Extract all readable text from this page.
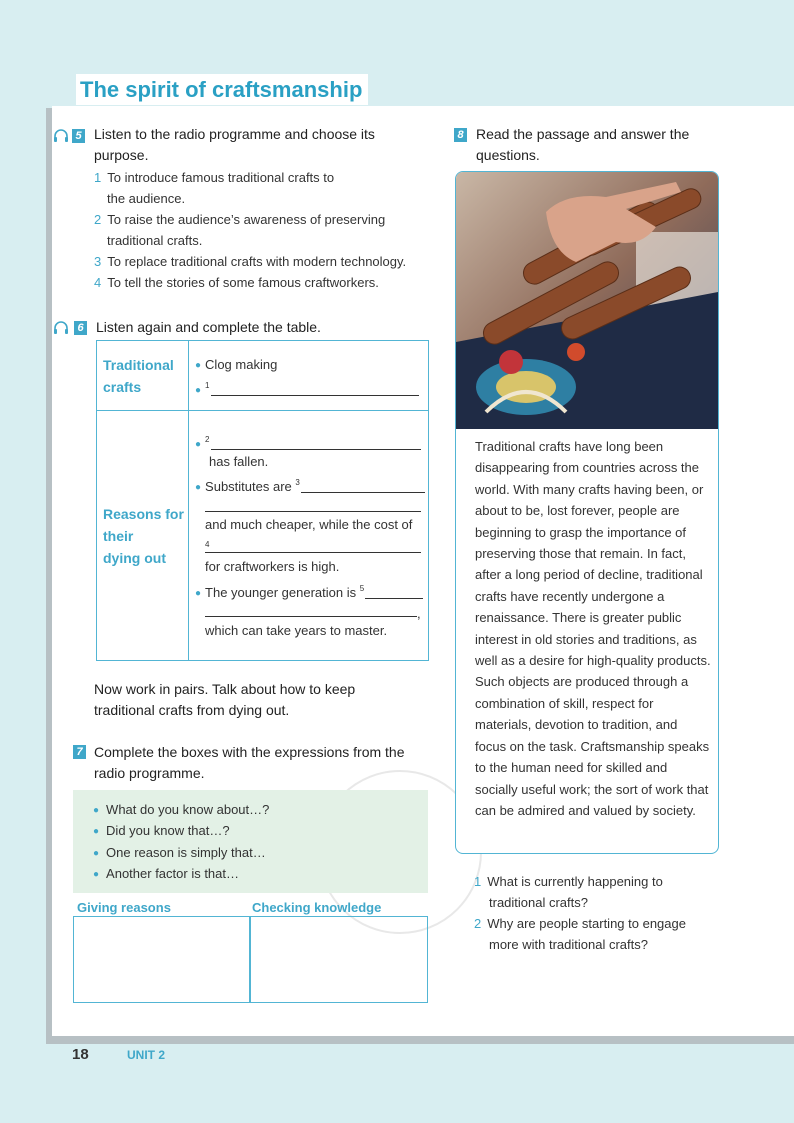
The spirit of craftsmanship
5 Listen to the radio programme and choose its
purpose.
1 To introduce famous traditional crafts to
the audience.
2 To raise the audience’s awareness of preserving
traditional crafts.
3 To replace traditional crafts with modern technology.
4 To tell the stories of some famous craftworkers.
6 Listen again and complete the table.
Traditional
crafts
● Clog making
● $^1$
Reasons for
their
dying out
● $^2$
has fallen.
● Substitutes are $^3$
and much cheaper, while the cost of
$^4$
for craftworkers is high.
● The younger generation is $^5$
,
which can take years to master.
Now work in pairs. Talk about how to keep
traditional crafts from dying out.
7 Complete the boxes with the expressions from the
radio programme.
● What do you know about…?
● Did you know that…?
● One reason is simply that…
● Another factor is that…
Giving reasons	Checking knowledge
8 Read the passage and answer the
questions.
Traditional crafts have long been disappearing from countries across the world. With many crafts having been, or about to be, lost forever, people are beginning to grasp the importance of preserving those that remain. In fact, after a long period of decline, traditional crafts have recently undergone a renaissance. There is greater public interest in old stories and traditions, as well as a desire for high-quality products. Such objects are produced through a combination of skill, respect for materials, devotion to tradition, and focus on the task. Craftsmanship speaks to the human need for skilled and socially useful work; the sort of work that can be admired and valued by society.
1 What is currently happening to
traditional crafts?
2 Why are people starting to engage
more with traditional crafts?
18	UNIT 2
